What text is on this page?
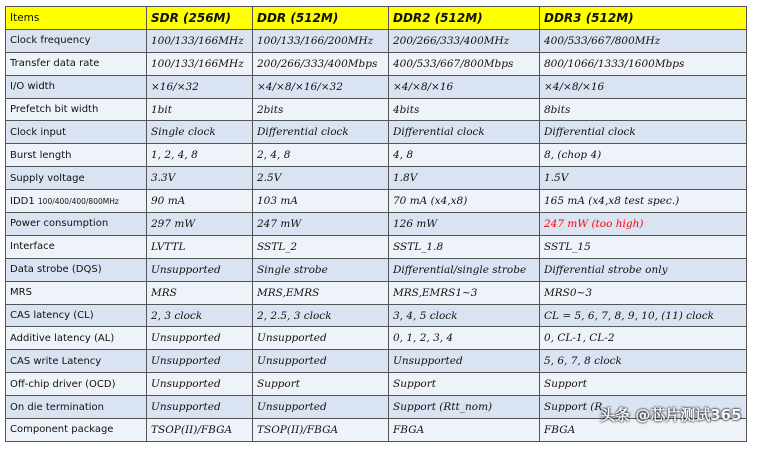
Items	SDR (256M)	DDR (512M)	DDR2 (512M)	DDR3 (512M)
Clock frequency	100/133/166MHz	100/133/166/200MHz	200/266/333/400MHz	400/533/667/800MHz
Transfer data rate	100/133/166MHz	200/266/333/400Mbps	400/533/667/800Mbps	800/1066/1333/1600Mbps
I/O width	×16/×32	×4/×8/×16/×32	×4/×8/×16	×4/×8/×16
Prefetch bit width	1bit	2bits	4bits	8bits
Clock input	Single clock	Differential clock	Differential clock	Differential clock
Burst length	1, 2, 4, 8	2, 4, 8	4, 8	8, (chop 4)
Supply voltage	3.3V	2.5V	1.8V	1.5V
IDD1 100/400/400/800MHz	90 mA	103 mA	70 mA (x4,x8)	165 mA (x4,x8 test spec.)
Power consumption	297 mW	247 mW	126 mW	247 mW (too high)
Interface	LVTTL	SSTL_2	SSTL_1.8	SSTL_15
Data strobe (DQS)	Unsupported	Single strobe	Differential/single strobe	Differential strobe only
MRS	MRS	MRS,EMRS	MRS,EMRS1~3	MRS0~3
CAS latency (CL)	2, 3 clock	2, 2.5, 3 clock	3, 4, 5 clock	CL = 5, 6, 7, 8, 9, 10, (11) clock
Additive latency (AL)	Unsupported	Unsupported	0, 1, 2, 3, 4	0, CL-1, CL-2
CAS write Latency	Unsupported	Unsupported	Unsupported	5, 6, 7, 8 clock
Off-chip driver (OCD)	Unsupported	Support	Support	Support
On die termination	Unsupported	Unsupported	Support (Rtt_nom)	Support (R
Component package	TSOP(II)/FBGA	TSOP(II)/FBGA	FBGA	FBGA
头条 @芯片测试365
